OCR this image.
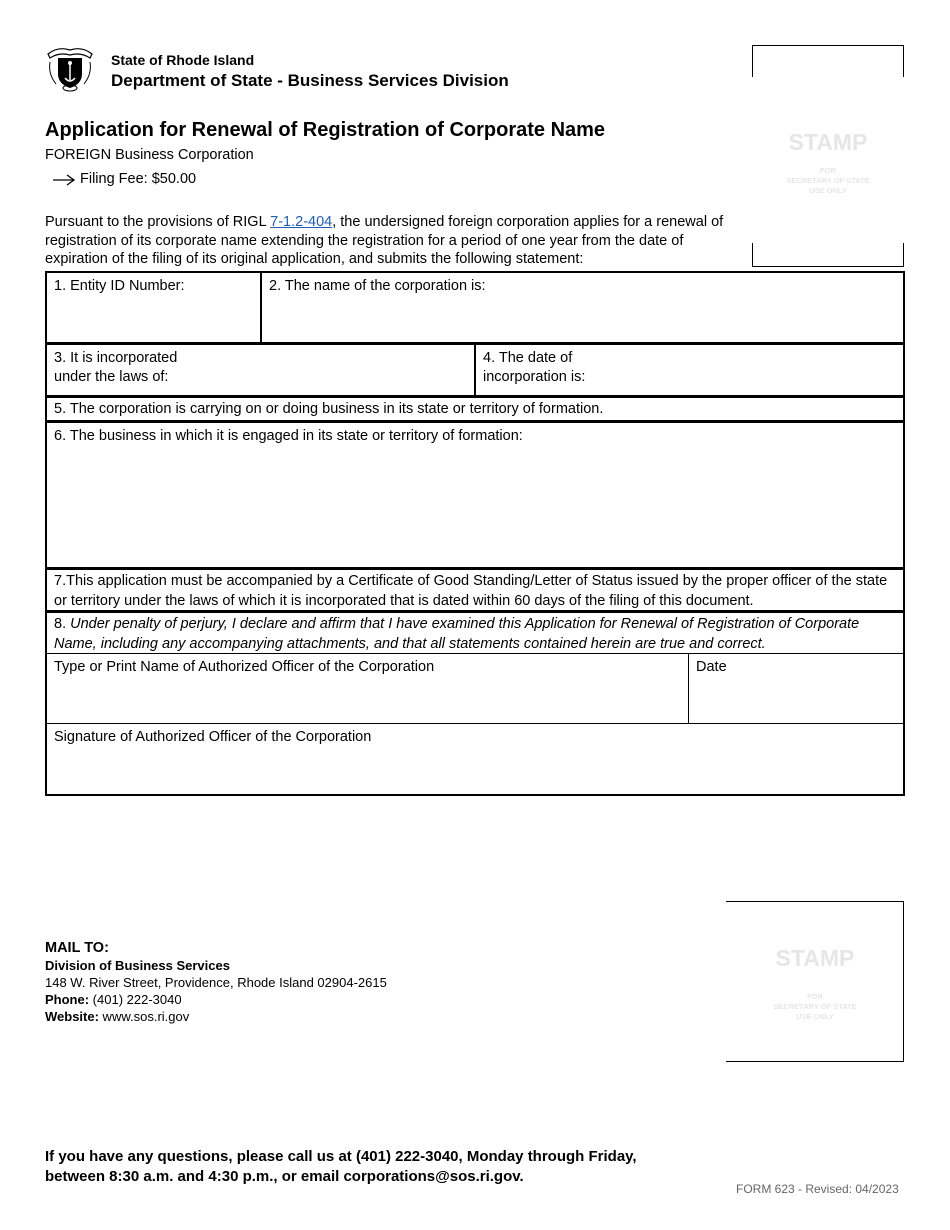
State of Rhode Island
Department of State - Business Services Division
Application for Renewal of Registration of Corporate Name
FOREIGN Business Corporation
Filing Fee: $50.00
Pursuant to the provisions of RIGL 7-1.2-404, the undersigned foreign corporation applies for a renewal of registration of its corporate name extending the registration for a period of one year from the date of expiration of the filing of its original application, and submits the following statement:
STAMP
FOR
SECRETARY OF STATE
USE ONLY
1. Entity ID Number:	2. The name of the corporation is:
3. It is incorporated
under the laws of:
4. The date of
incorporation is:
5. The corporation is carrying on or doing business in its state or territory of formation.
6. The business in which it is engaged in its state or territory of formation:
7.This application must be accompanied by a Certificate of Good Standing/Letter of Status issued by the proper officer of the state or territory under the laws of which it is incorporated that is dated within 60 days of the filing of this document.
8. Under penalty of perjury, I declare and affirm that I have examined this Application for Renewal of Registration of Corporate Name, including any accompanying attachments, and that all statements contained herein are true and correct.
Type or Print Name of Authorized Officer of the Corporation	Date
Signature of Authorized Officer of the Corporation
MAIL TO:
Division of Business Services
148 W. River Street, Providence, Rhode Island 02904-2615
Phone: (401) 222-3040
Website: www.sos.ri.gov
STAMP
FOR
SECRETARY OF STATE
USE ONLY
If you have any questions, please call us at (401) 222-3040, Monday through Friday,
between 8:30 a.m. and 4:30 p.m., or email corporations@sos.ri.gov.
FORM 623 - Revised: 04/2023
